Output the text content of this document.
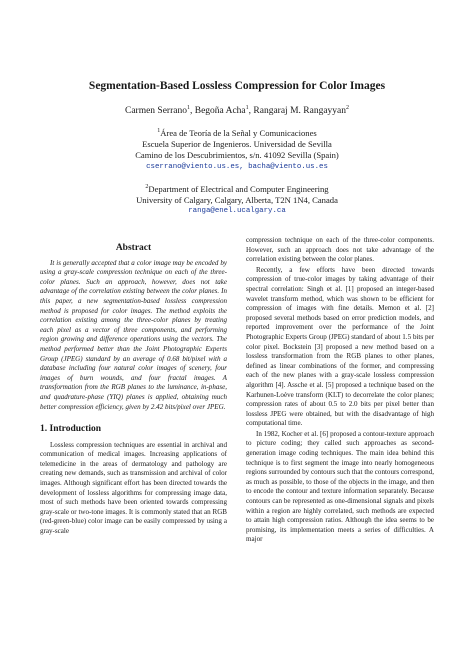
Segmentation-Based Lossless Compression for Color Images
Carmen Serrano$^1$, Begoña Acha$^1$, Rangaraj M. Rangayyan$^2$
$^1$Área de Teoría de la Señal y Comunicaciones
Escuela Superior de Ingenieros. Universidad de Sevilla
Camino de los Descubrimientos, s/n. 41092 Sevilla (Spain)
cserrano@viento.us.es, bacha@viento.us.es
$^2$Department of Electrical and Computer Engineering
University of Calgary, Calgary, Alberta, T2N 1N4, Canada
ranga@enel.ucalgary.ca
Abstract

It is generally accepted that a color image may be encoded by using a gray-scale compression technique on each of the three-color planes. Such an approach, however, does not take advantage of the correlation existing between the color planes. In this paper, a new segmentation-based lossless compression method is proposed for color images. The method exploits the correlation existing among the three-color planes by treating each pixel as a vector of three components, and performing region growing and difference operations using the vectors. The method performed better than the Joint Photographic Experts Group (JPEG) standard by an average of 0.68 bit/pixel with a database including four natural color images of scenery, four images of burn wounds, and four fractal images. A transformation from the RGB planes to the luminance, in-phase, and quadrature-phase (YIQ) planes is applied, obtaining much better compression efficiency, given by 2.42 bits/pixel over JPEG.

1. Introduction

Lossless compression techniques are essential in archival and communication of medical images. Increasing applications of telemedicine in the areas of dermatology and pathology are creating new demands, such as transmission and archival of color images. Although significant effort has been directed towards the development of lossless algorithms for compressing image data, most of such methods have been oriented towards compressing gray-scale or two-tone images. It is commonly stated that an RGB (red-green-blue) color image can be easily compressed by using a gray-scale

compression technique on each of the three-color components. However, such an approach does not take advantage of the correlation existing between the color planes.

Recently, a few efforts have been directed towards compression of true-color images by taking advantage of their spectral correlation: Singh et al. [1] proposed an integer-based wavelet transform method, which was shown to be efficient for compression of images with fine details. Memon et al. [2] proposed several methods based on error prediction models, and reported improvement over the performance of the Joint Photographic Experts Group (JPEG) standard of about 1.5 bits per color pixel. Bockstein [3] proposed a new method based on a lossless transformation from the RGB planes to other planes, defined as linear combinations of the former, and compressing each of the new planes with a gray-scale lossless compression algorithm [4]. Assche et al. [5] proposed a technique based on the Karhunen-Loève transform (KLT) to decorrelate the color planes; compression rates of about 0.5 to 2.0 bits per pixel better than lossless JPEG were obtained, but with the disadvantage of high computational time.

In 1982, Kocher et al. [6] proposed a contour-texture approach to picture coding; they called such approaches as second-generation image coding techniques. The main idea behind this technique is to first segment the image into nearly homogeneous regions surrounded by contours such that the contours correspond, as much as possible, to those of the objects in the image, and then to encode the contour and texture information separately. Because contours can be represented as one-dimensional signals and pixels within a region are highly correlated, such methods are expected to attain high compression ratios. Although the idea seems to be promising, its implementation meets a series of difficulties. A major
